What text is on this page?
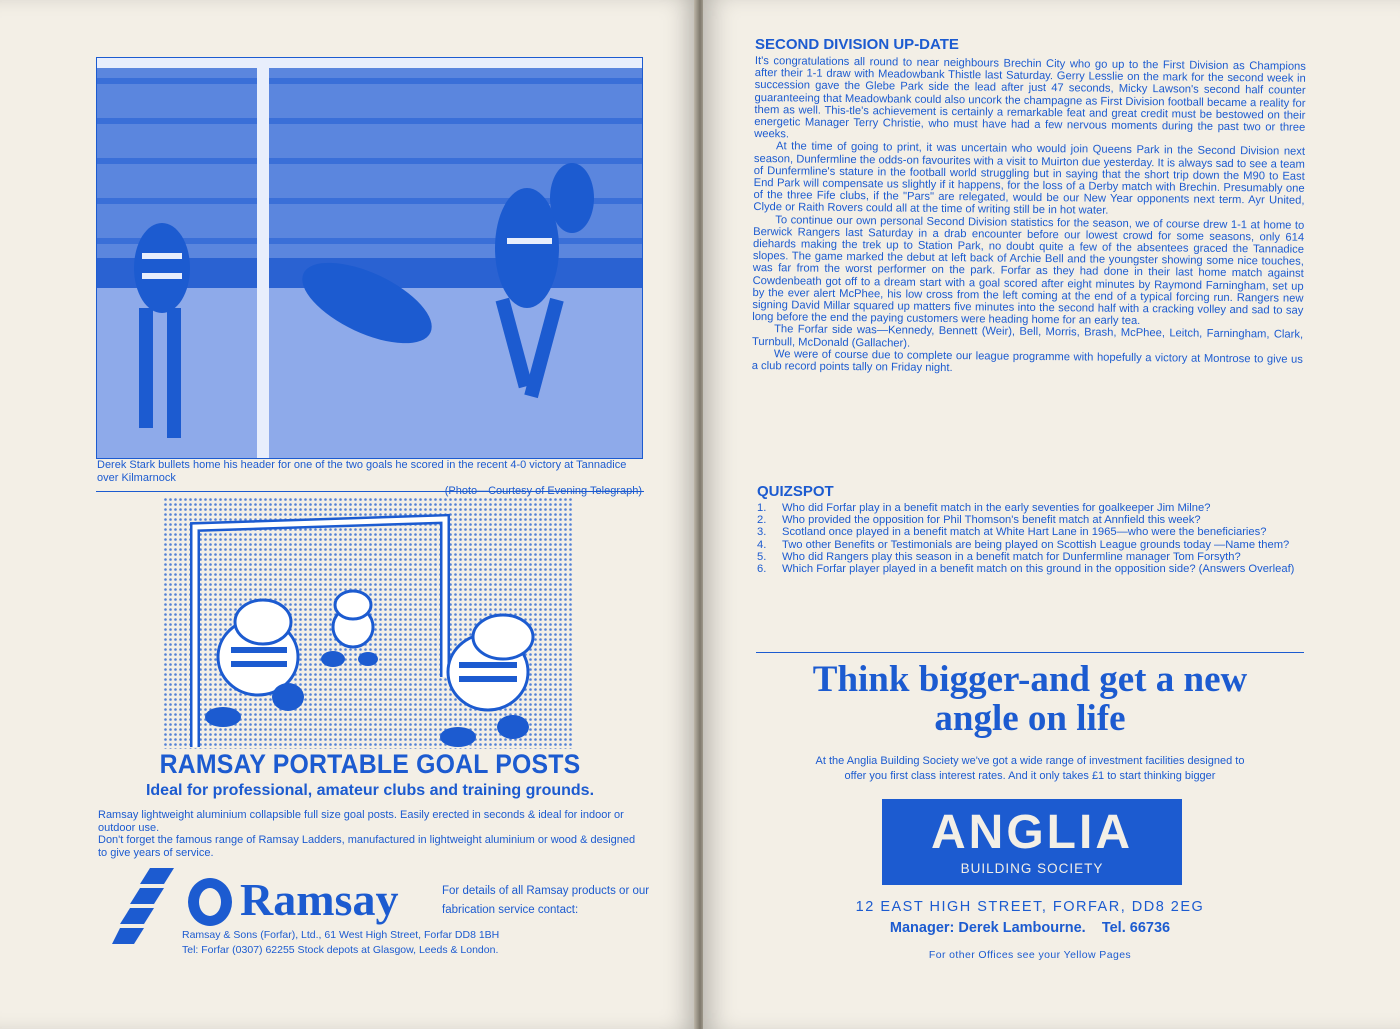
Derek Stark bullets home his header for one of the two goals he scored in the recent 4-0 victory at Tannadice over Kilmarnock
(Photo—Courtesy of Evening Telegraph)
RAMSAY PORTABLE GOAL POSTS
Ideal for professional, amateur clubs and training grounds.
Ramsay lightweight aluminium collapsible full size goal posts. Easily erected in seconds & ideal for indoor or outdoor use.
Don't forget the famous range of Ramsay Ladders, manufactured in lightweight aluminium or wood & designed to give years of service.
Ramsay	For details of all Ramsay products or our fabrication service contact:
Ramsay & Sons (Forfar), Ltd., 61 West High Street, Forfar DD8 1BH
Tel: Forfar (0307) 62255 Stock depots at Glasgow, Leeds & London.
SECOND DIVISION UP-DATE

It's congratulations all round to near neighbours Brechin City who go up to the First Division as Champions after their 1-1 draw with Meadowbank Thistle last Saturday. Gerry Lesslie on the mark for the second week in succession gave the Glebe Park side the lead after just 47 seconds, Micky Lawson's second half counter guaranteeing that Meadowbank could also uncork the champagne as First Division football became a reality for them as well. This-tle's achievement is certainly a remarkable feat and great credit must be bestowed on their energetic Manager Terry Christie, who must have had a few nervous moments during the past two or three weeks.

At the time of going to print, it was uncertain who would join Queens Park in the Second Division next season, Dunfermline the odds-on favourites with a visit to Muirton due yesterday. It is always sad to see a team of Dunfermline's stature in the football world struggling but in saying that the short trip down the M90 to East End Park will compensate us slightly if it happens, for the loss of a Derby match with Brechin. Presumably one of the three Fife clubs, if the "Pars" are relegated, would be our New Year opponents next term. Ayr United, Clyde or Raith Rovers could all at the time of writing still be in hot water.

To continue our own personal Second Division statistics for the season, we of course drew 1-1 at home to Berwick Rangers last Saturday in a drab encounter before our lowest crowd for some seasons, only 614 diehards making the trek up to Station Park, no doubt quite a few of the absentees graced the Tannadice slopes. The game marked the debut at left back of Archie Bell and the youngster showing some nice touches, was far from the worst performer on the park. Forfar as they had done in their last home match against Cowdenbeath got off to a dream start with a goal scored after eight minutes by Raymond Farningham, set up by the ever alert McPhee, his low cross from the left coming at the end of a typical forcing run. Rangers new signing David Millar squared up matters five minutes into the second half with a cracking volley and sad to say long before the end the paying customers were heading home for an early tea.

The Forfar side was—Kennedy, Bennett (Weir), Bell, Morris, Brash, McPhee, Leitch, Farningham, Clark, Turnbull, McDonald (Gallacher).

We were of course due to complete our league programme with hopefully a victory at Montrose to give us a club record points tally on Friday night.

QUIZSPOT
1.	Who did Forfar play in a benefit match in the early seventies for goalkeeper Jim Milne?
2.	Who provided the opposition for Phil Thomson's benefit match at Annfield this week?
3.	Scotland once played in a benefit match at White Hart Lane in 1965—who were the beneficiaries?
4.	Two other Benefits or Testimonials are being played on Scottish League grounds today —Name them?
5.	Who did Rangers play this season in a benefit match for Dunfermline manager Tom Forsyth?
6.	Which Forfar player played in a benefit match on this ground in the opposition side? (Answers Overleaf)
Think bigger-and get a new
angle on life
At the Anglia Building Society we've got a wide range of investment facilities designed to
offer you first class interest rates. And it only takes £1 to start thinking bigger
ANGLIA
BUILDING SOCIETY
12 EAST HIGH STREET, FORFAR, DD8 2EG
Manager: Derek Lambourne.    Tel. 66736
For other Offices see your Yellow Pages
